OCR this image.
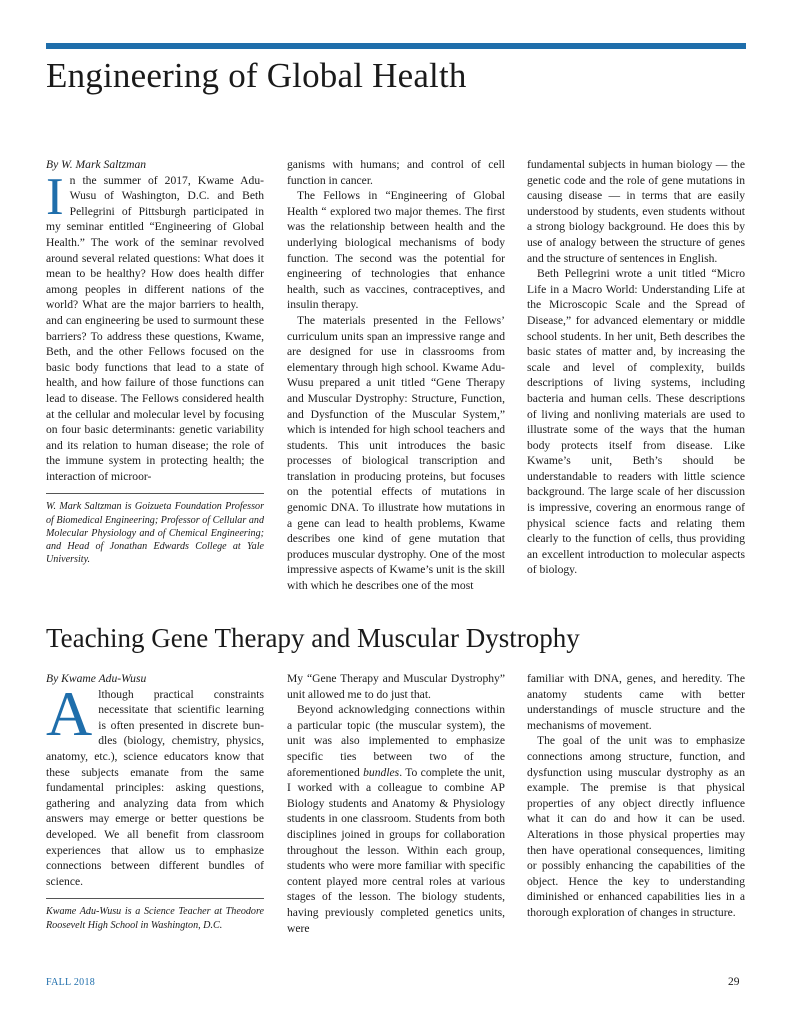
Engineering of Global Health

By W. Mark Saltzman

In the summer of 2017, Kwame Adu-Wusu of Washington, D.C. and Beth Pellegrini of Pittsburgh participated in my seminar entitled “Engineering of Global Health.” The work of the seminar revolved around several related questions: What does it mean to be healthy? How does health differ among peoples in different nations of the world? What are the major barriers to health, and can engineering be used to surmount these barriers? To address these questions, Kwame, Beth, and the other Fellows focused on the basic body functions that lead to a state of health, and how failure of those functions can lead to disease. The Fellows considered health at the cellular and molecular level by focusing on four basic determinants: genetic variability and its relation to human disease; the role of the immune system in protecting health; the interaction of microor-

W. Mark Saltzman is Goizueta Foundation Professor of Biomedical Engineering; Professor of Cellular and Molecular Physiology and of Chemical Engineering; and Head of Jonathan Edwards College at Yale University.

ganisms with humans; and control of cell function in cancer.

The Fellows in “Engineering of Global Health “ explored two major themes. The first was the relationship between health and the underlying biological mechanisms of body function. The second was the potential for engineering of technologies that enhance health, such as vaccines, contraceptives, and insulin therapy.

The materials presented in the Fellows’ curriculum units span an impressive range and are designed for use in classrooms from elementary through high school. Kwame Adu-Wusu prepared a unit titled “Gene Therapy and Muscular Dystrophy: Structure, Function, and Dysfunction of the Muscular System,” which is intended for high school teachers and students. This unit introduces the basic processes of biological transcription and translation in producing proteins, but focuses on the potential effects of mutations in genomic DNA. To illustrate how mutations in a gene can lead to health problems, Kwame describes one kind of gene mutation that produces muscular dystrophy. One of the most impressive aspects of Kwame’s unit is the skill with which he describes one of the most

fundamental subjects in human biology — the genetic code and the role of gene mutations in causing disease — in terms that are easily understood by students, even students without a strong biology background. He does this by use of analogy between the structure of genes and the structure of sentences in English.

Beth Pellegrini wrote a unit titled “Micro Life in a Macro World: Understanding Life at the Microscopic Scale and the Spread of Disease,” for advanced elementary or middle school students. In her unit, Beth describes the basic states of matter and, by increasing the scale and level of complexity, builds descriptions of living systems, including bacteria and human cells. These descriptions of living and nonliving materials are used to illustrate some of the ways that the human body protects itself from disease. Like Kwame’s unit, Beth’s should be understandable to readers with little science background. The large scale of her discussion is impressive, covering an enormous range of physical science facts and relating them clearly to the function of cells, thus providing an excellent introduction to molecular aspects of biology.

Teaching Gene Therapy and Muscular Dystrophy

By Kwame Adu-Wusu

Although practical constraints necessitate that scientific learning is often presented in discrete bundles (biology, chemistry, physics, anatomy, etc.), science educators know that these subjects emanate from the same fundamental principles: asking questions, gathering and analyzing data from which answers may emerge or better questions be developed. We all benefit from classroom experiences that allow us to emphasize connections between different bundles of science.

Kwame Adu-Wusu is a Science Teacher at Theodore Roosevelt High School in Washington, D.C.

My “Gene Therapy and Muscular Dystrophy” unit allowed me to do just that.

Beyond acknowledging connections within a particular topic (the muscular system), the unit was also implemented to emphasize specific ties between two of the aforementioned bundles. To complete the unit, I worked with a colleague to combine AP Biology students and Anatomy & Physiology students in one classroom. Students from both disciplines joined in groups for collaboration throughout the lesson. Within each group, students who were more familiar with specific content played more central roles at various stages of the lesson. The biology students, having previously completed genetics units, were

familiar with DNA, genes, and heredity. The anatomy students came with better understandings of muscle structure and the mechanisms of movement.

The goal of the unit was to emphasize connections among structure, function, and dysfunction using muscular dystrophy as an example. The premise is that physical properties of any object directly influence what it can do and how it can be used. Alterations in those physical properties may then have operational consequences, limiting or possibly enhancing the capabilities of the object. Hence the key to understanding diminished or enhanced capabilities lies in a thorough exploration of changes in structure.

FALL 2018	29
